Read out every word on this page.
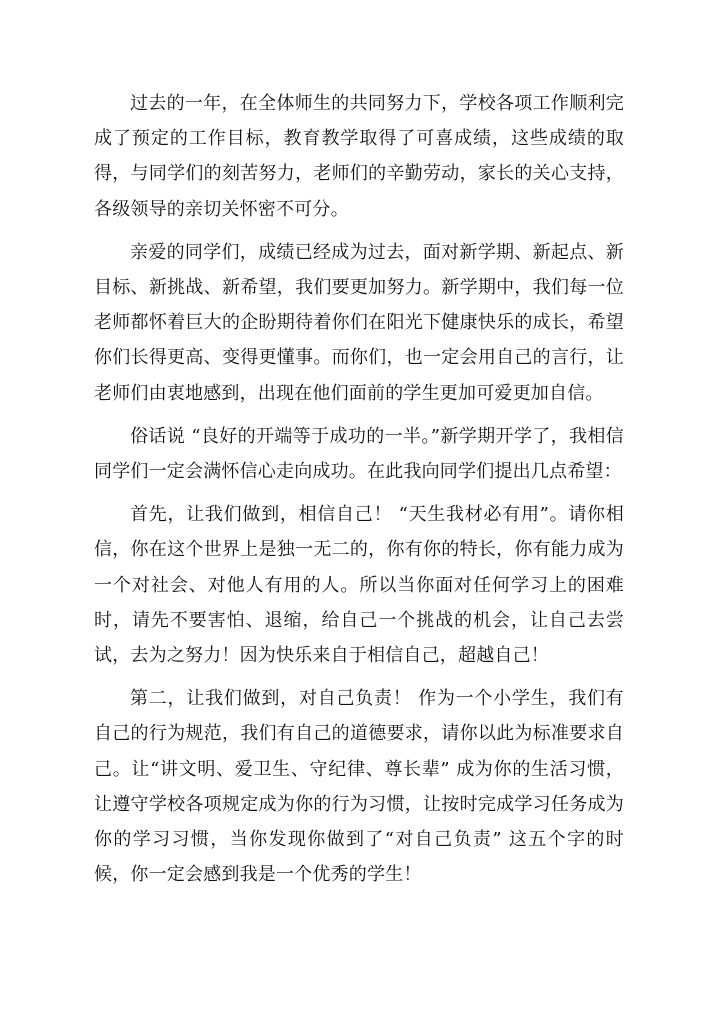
过去的一年，在全体师生的共同努力下，学校各项工作顺利完成了预定的工作目标，教育教学取得了可喜成绩，这些成绩的取得，与同学们的刻苦努力，老师们的辛勤劳动，家长的关心支持，各级领导的亲切关怀密不可分。

亲爱的同学们，成绩已经成为过去，面对新学期、新起点、新目标、新挑战、新希望，我们要更加努力。新学期中，我们每一位老师都怀着巨大的企盼期待着你们在阳光下健康快乐的成长，希望你们长得更高、变得更懂事。而你们，也一定会用自己的言行，让老师们由衷地感到，出现在他们面前的学生更加可爱更加自信。

俗话说 “良好的开端等于成功的一半。”新学期开学了，我相信同学们一定会满怀信心走向成功。在此我向同学们提出几点希望：

首先，让我们做到，相信自己！ “天生我材必有用”。请你相信，你在这个世界上是独一无二的，你有你的特长，你有能力成为一个对社会、对他人有用的人。所以当你面对任何学习上的困难时，请先不要害怕、退缩，给自己一个挑战的机会，让自己去尝试，去为之努力！因为快乐来自于相信自己，超越自己！

第二，让我们做到，对自己负责！ 作为一个小学生，我们有自己的行为规范，我们有自己的道德要求，请你以此为标准要求自己。让“讲文明、爱卫生、守纪律、尊长辈” 成为你的生活习惯，让遵守学校各项规定成为你的行为习惯，让按时完成学习任务成为你的学习习惯，当你发现你做到了“对自己负责” 这五个字的时候，你一定会感到我是一个优秀的学生！
